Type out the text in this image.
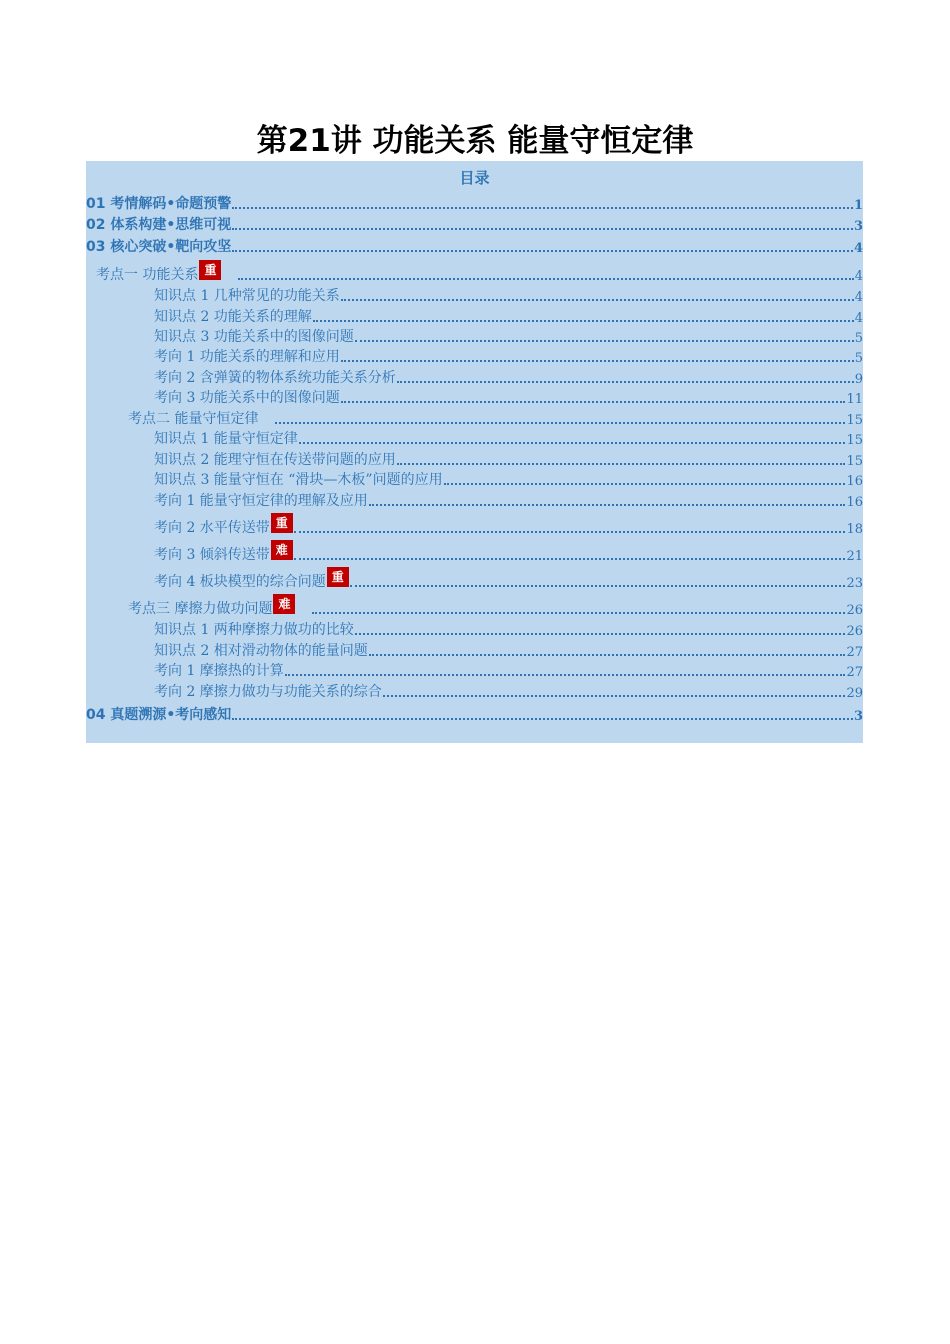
第21讲 功能关系 能量守恒定律
目录
01 考情解码•命题预警	1
02 体系构建•思维可视	3
03 核心突破•靶向攻坚	4
考点一 功能关系 重	4
知识点 1 几种常见的功能关系	4
知识点 2 功能关系的理解	4
知识点 3 功能关系中的图像问题	5
考向 1 功能关系的理解和应用	5
考向 2 含弹簧的物体系统功能关系分析	9
考向 3 功能关系中的图像问题	11
考点二 能量守恒定律	15
知识点 1 能量守恒定律	15
知识点 2 能理守恒在传送带问题的应用	15
知识点 3 能量守恒在 “滑块—木板”问题的应用	16
考向 1 能量守恒定律的理解及应用	16
考向 2 水平传送带 重	18
考向 3 倾斜传送带 难	21
考向 4 板块模型的综合问题 重	23
考点三 摩擦力做功问题 难	26
知识点 1 两种摩擦力做功的比较	26
知识点 2 相对滑动物体的能量问题	27
考向 1 摩擦热的计算	27
考向 2 摩擦力做功与功能关系的综合	29
04 真题溯源•考向感知	3
